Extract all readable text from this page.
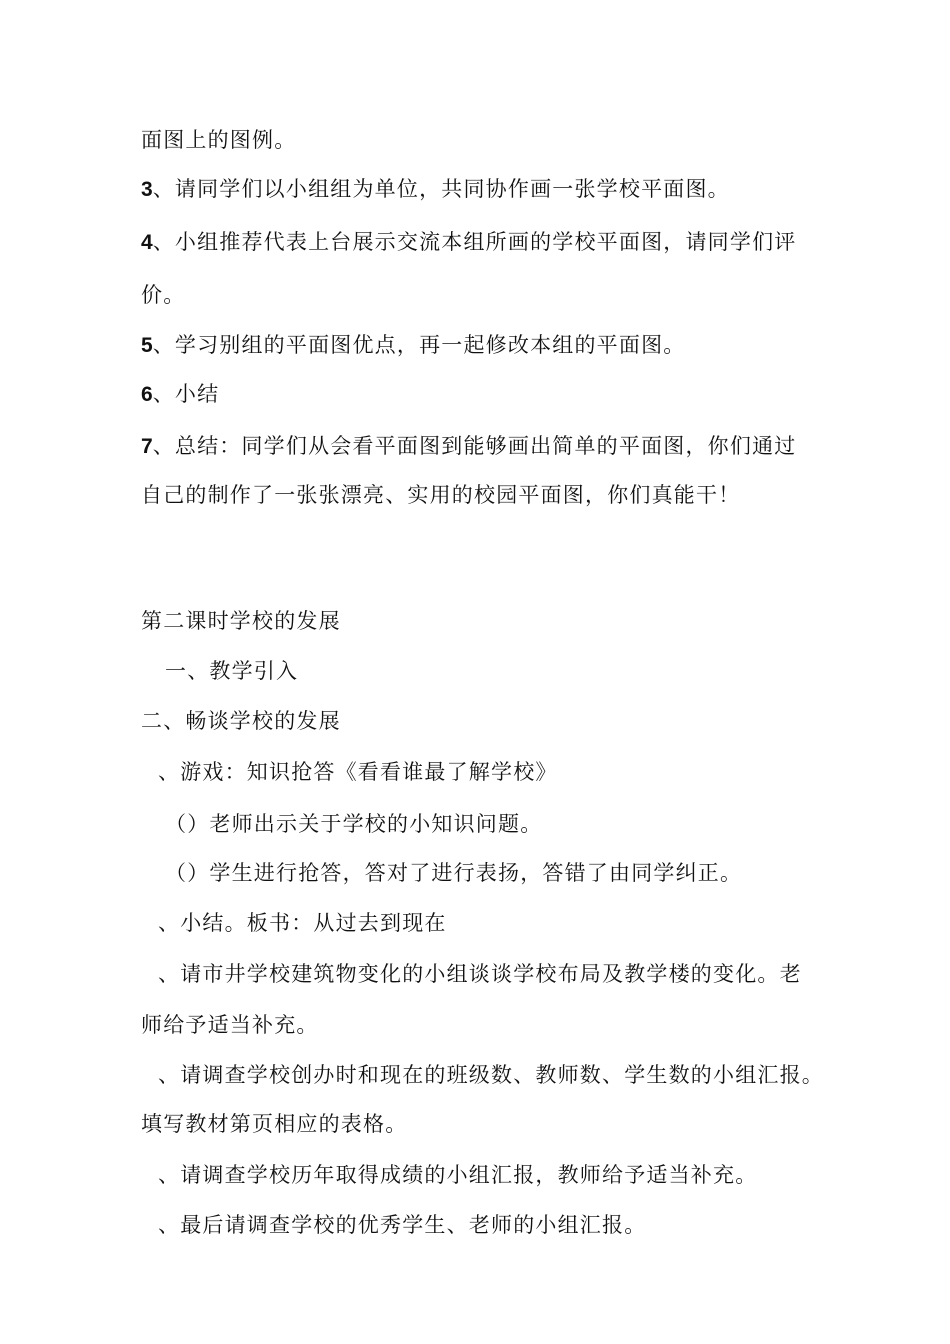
面图上的图例。
3、请同学们以小组组为单位，共同协作画一张学校平面图。
4、小组推荐代表上台展示交流本组所画的学校平面图，请同学们评
价。
5、学习别组的平面图优点，再一起修改本组的平面图。
6、小结
7、总结：同学们从会看平面图到能够画出简单的平面图，你们通过
自己的制作了一张张漂亮、实用的校园平面图，你们真能干！
第二课时学校的发展
一、教学引入
二、畅谈学校的发展
、游戏：知识抢答《看看谁最了解学校》
（）老师出示关于学校的小知识问题。
（）学生进行抢答，答对了进行表扬，答错了由同学纠正。
、小结。板书：从过去到现在
、请市井学校建筑物变化的小组谈谈学校布局及教学楼的变化。老
师给予适当补充。
、请调查学校创办时和现在的班级数、教师数、学生数的小组汇报。
填写教材第页相应的表格。
、请调查学校历年取得成绩的小组汇报，教师给予适当补充。
、最后请调查学校的优秀学生、老师的小组汇报。
